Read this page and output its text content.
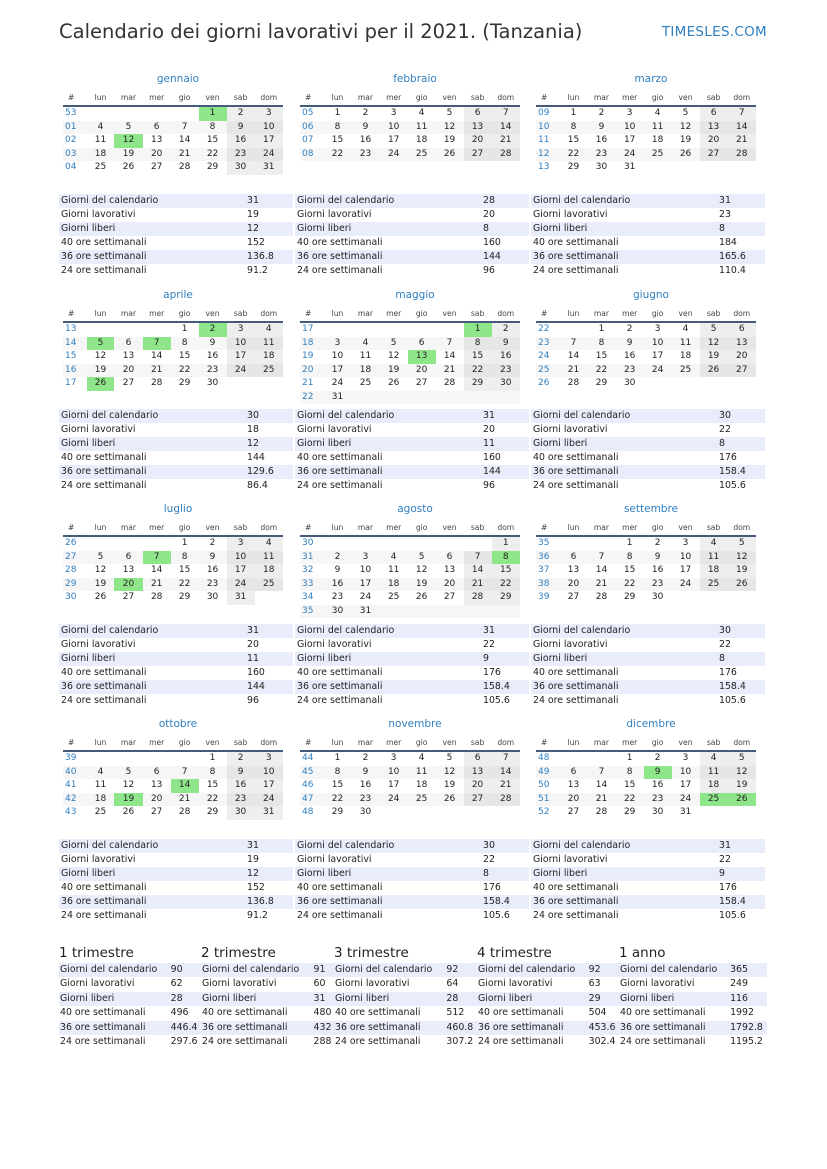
Calendario dei giorni lavorativi per il 2021. (Tanzania)	TIMESLES.COM
gennaio
#	lun	mar	mer	gio	ven	sab	dom
53					1	2	3
01	4	5	6	7	8	9	10
02	11	12	13	14	15	16	17
03	18	19	20	21	22	23	24
04	25	26	27	28	29	30	31
Giorni del calendario	31
Giorni lavorativi	19
Giorni liberi	12
40 ore settimanali	152
36 ore settimanali	136.8
24 ore settimanali	91.2
febbraio
#	lun	mar	mer	gio	ven	sab	dom
05	1	2	3	4	5	6	7
06	8	9	10	11	12	13	14
07	15	16	17	18	19	20	21
08	22	23	24	25	26	27	28
Giorni del calendario	28
Giorni lavorativi	20
Giorni liberi	8
40 ore settimanali	160
36 ore settimanali	144
24 ore settimanali	96
marzo
#	lun	mar	mer	gio	ven	sab	dom
09	1	2	3	4	5	6	7
10	8	9	10	11	12	13	14
11	15	16	17	18	19	20	21
12	22	23	24	25	26	27	28
13	29	30	31				
Giorni del calendario	31
Giorni lavorativi	23
Giorni liberi	8
40 ore settimanali	184
36 ore settimanali	165.6
24 ore settimanali	110.4
aprile
#	lun	mar	mer	gio	ven	sab	dom
13				1	2	3	4
14	5	6	7	8	9	10	11
15	12	13	14	15	16	17	18
16	19	20	21	22	23	24	25
17	26	27	28	29	30		
Giorni del calendario	30
Giorni lavorativi	18
Giorni liberi	12
40 ore settimanali	144
36 ore settimanali	129.6
24 ore settimanali	86.4
maggio
#	lun	mar	mer	gio	ven	sab	dom
17						1	2
18	3	4	5	6	7	8	9
19	10	11	12	13	14	15	16
20	17	18	19	20	21	22	23
21	24	25	26	27	28	29	30
22	31						
Giorni del calendario	31
Giorni lavorativi	20
Giorni liberi	11
40 ore settimanali	160
36 ore settimanali	144
24 ore settimanali	96
giugno
#	lun	mar	mer	gio	ven	sab	dom
22		1	2	3	4	5	6
23	7	8	9	10	11	12	13
24	14	15	16	17	18	19	20
25	21	22	23	24	25	26	27
26	28	29	30				
Giorni del calendario	30
Giorni lavorativi	22
Giorni liberi	8
40 ore settimanali	176
36 ore settimanali	158.4
24 ore settimanali	105.6
luglio
#	lun	mar	mer	gio	ven	sab	dom
26				1	2	3	4
27	5	6	7	8	9	10	11
28	12	13	14	15	16	17	18
29	19	20	21	22	23	24	25
30	26	27	28	29	30	31	
Giorni del calendario	31
Giorni lavorativi	20
Giorni liberi	11
40 ore settimanali	160
36 ore settimanali	144
24 ore settimanali	96
agosto
#	lun	mar	mer	gio	ven	sab	dom
30							1
31	2	3	4	5	6	7	8
32	9	10	11	12	13	14	15
33	16	17	18	19	20	21	22
34	23	24	25	26	27	28	29
35	30	31					
Giorni del calendario	31
Giorni lavorativi	22
Giorni liberi	9
40 ore settimanali	176
36 ore settimanali	158.4
24 ore settimanali	105.6
settembre
#	lun	mar	mer	gio	ven	sab	dom
35			1	2	3	4	5
36	6	7	8	9	10	11	12
37	13	14	15	16	17	18	19
38	20	21	22	23	24	25	26
39	27	28	29	30			
Giorni del calendario	30
Giorni lavorativi	22
Giorni liberi	8
40 ore settimanali	176
36 ore settimanali	158.4
24 ore settimanali	105.6
ottobre
#	lun	mar	mer	gio	ven	sab	dom
39					1	2	3
40	4	5	6	7	8	9	10
41	11	12	13	14	15	16	17
42	18	19	20	21	22	23	24
43	25	26	27	28	29	30	31
Giorni del calendario	31
Giorni lavorativi	19
Giorni liberi	12
40 ore settimanali	152
36 ore settimanali	136.8
24 ore settimanali	91.2
novembre
#	lun	mar	mer	gio	ven	sab	dom
44	1	2	3	4	5	6	7
45	8	9	10	11	12	13	14
46	15	16	17	18	19	20	21
47	22	23	24	25	26	27	28
48	29	30					
Giorni del calendario	30
Giorni lavorativi	22
Giorni liberi	8
40 ore settimanali	176
36 ore settimanali	158.4
24 ore settimanali	105.6
dicembre
#	lun	mar	mer	gio	ven	sab	dom
48			1	2	3	4	5
49	6	7	8	9	10	11	12
50	13	14	15	16	17	18	19
51	20	21	22	23	24	25	26
52	27	28	29	30	31		
Giorni del calendario	31
Giorni lavorativi	22
Giorni liberi	9
40 ore settimanali	176
36 ore settimanali	158.4
24 ore settimanali	105.6
1 trimestre
Giorni del calendario	90
Giorni lavorativi	62
Giorni liberi	28
40 ore settimanali	496
36 ore settimanali	446.4
24 ore settimanali	297.6
2 trimestre
Giorni del calendario	91
Giorni lavorativi	60
Giorni liberi	31
40 ore settimanali	480
36 ore settimanali	432
24 ore settimanali	288
3 trimestre
Giorni del calendario	92
Giorni lavorativi	64
Giorni liberi	28
40 ore settimanali	512
36 ore settimanali	460.8
24 ore settimanali	307.2
4 trimestre
Giorni del calendario	92
Giorni lavorativi	63
Giorni liberi	29
40 ore settimanali	504
36 ore settimanali	453.6
24 ore settimanali	302.4
1 anno
Giorni del calendario	365
Giorni lavorativi	249
Giorni liberi	116
40 ore settimanali	1992
36 ore settimanali	1792.8
24 ore settimanali	1195.2
